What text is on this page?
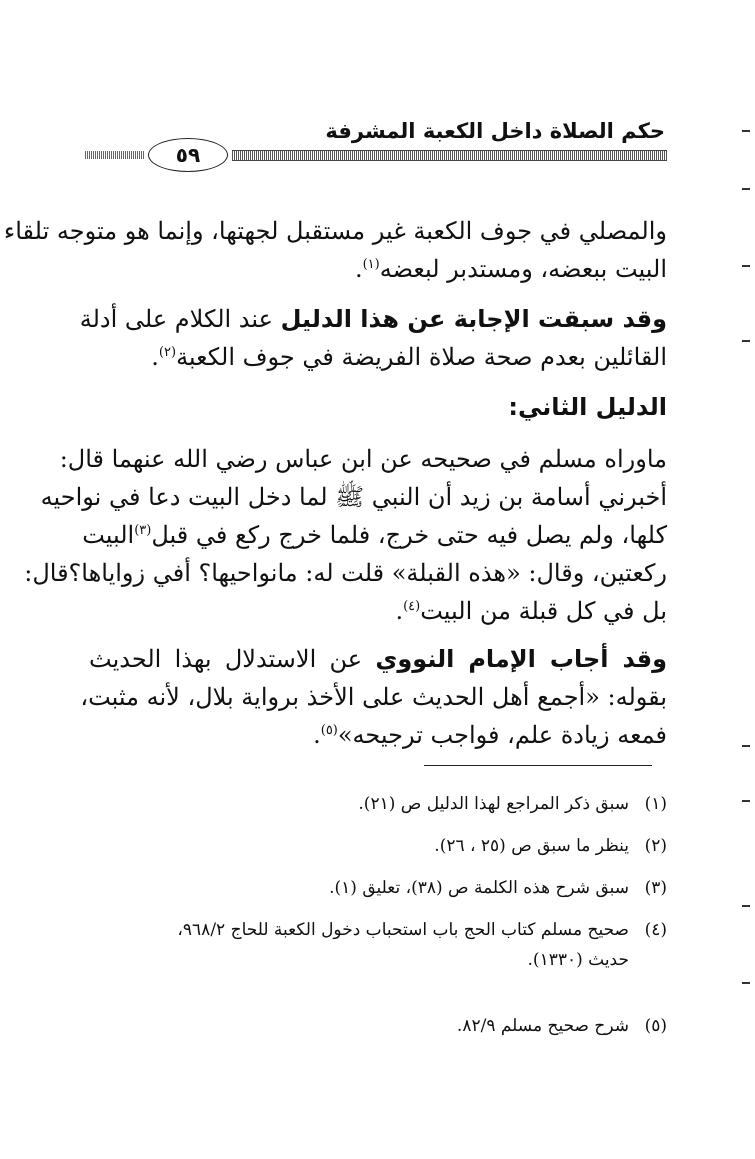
حكم الصلاة داخل الكعبة المشرفة
٥٩
والمصلي في جوف الكعبة غير مستقبل لجهتها، وإنما هو متوجه تلقاء
البيت ببعضه، ومستدبر لبعضه$^{(١)}$.
وقد سبقت الإجابة عن هذا الدليل عند الكلام على أدلة
القائلين بعدم صحة صلاة الفريضة في جوف الكعبة$^{(٢)}$.
الدليل الثاني:
ماوراه مسلم في صحيحه عن ابن عباس رضي الله عنهما قال:
أخبرني أسامة بن زيد أن النبي ﷺ لما دخل البيت دعا في نواحيه
كلها، ولم يصل فيه حتى خرج، فلما خرج ركع في قبل$^{(٣)}$البيت
ركعتين، وقال: «هذه القبلة» قلت له: مانواحيها؟ أفي زواياها؟قال:
بل في كل قبلة من البيت$^{(٤)}$.
وقد أجاب الإمام النووي عن الاستدلال بهذا الحديث
بقوله: «أجمع أهل الحديث على الأخذ برواية بلال، لأنه مثبت،
فمعه زيادة علم، فواجب ترجيحه»$^{(٥)}$.
(١)سبق ذكر المراجع لهذا الدليل ص (٢١).
(٢)ينظر ما سبق ص (٢٥ ، ٢٦).
(٣)سبق شرح هذه الكلمة ص (٣٨)، تعليق (١).
(٤)صحيح مسلم كتاب الحج باب استحباب دخول الكعبة للحاج ٩٦٨/٢،
حديث (١٣٣٠).
(٥)شرح صحيح مسلم ٨٢/٩.
